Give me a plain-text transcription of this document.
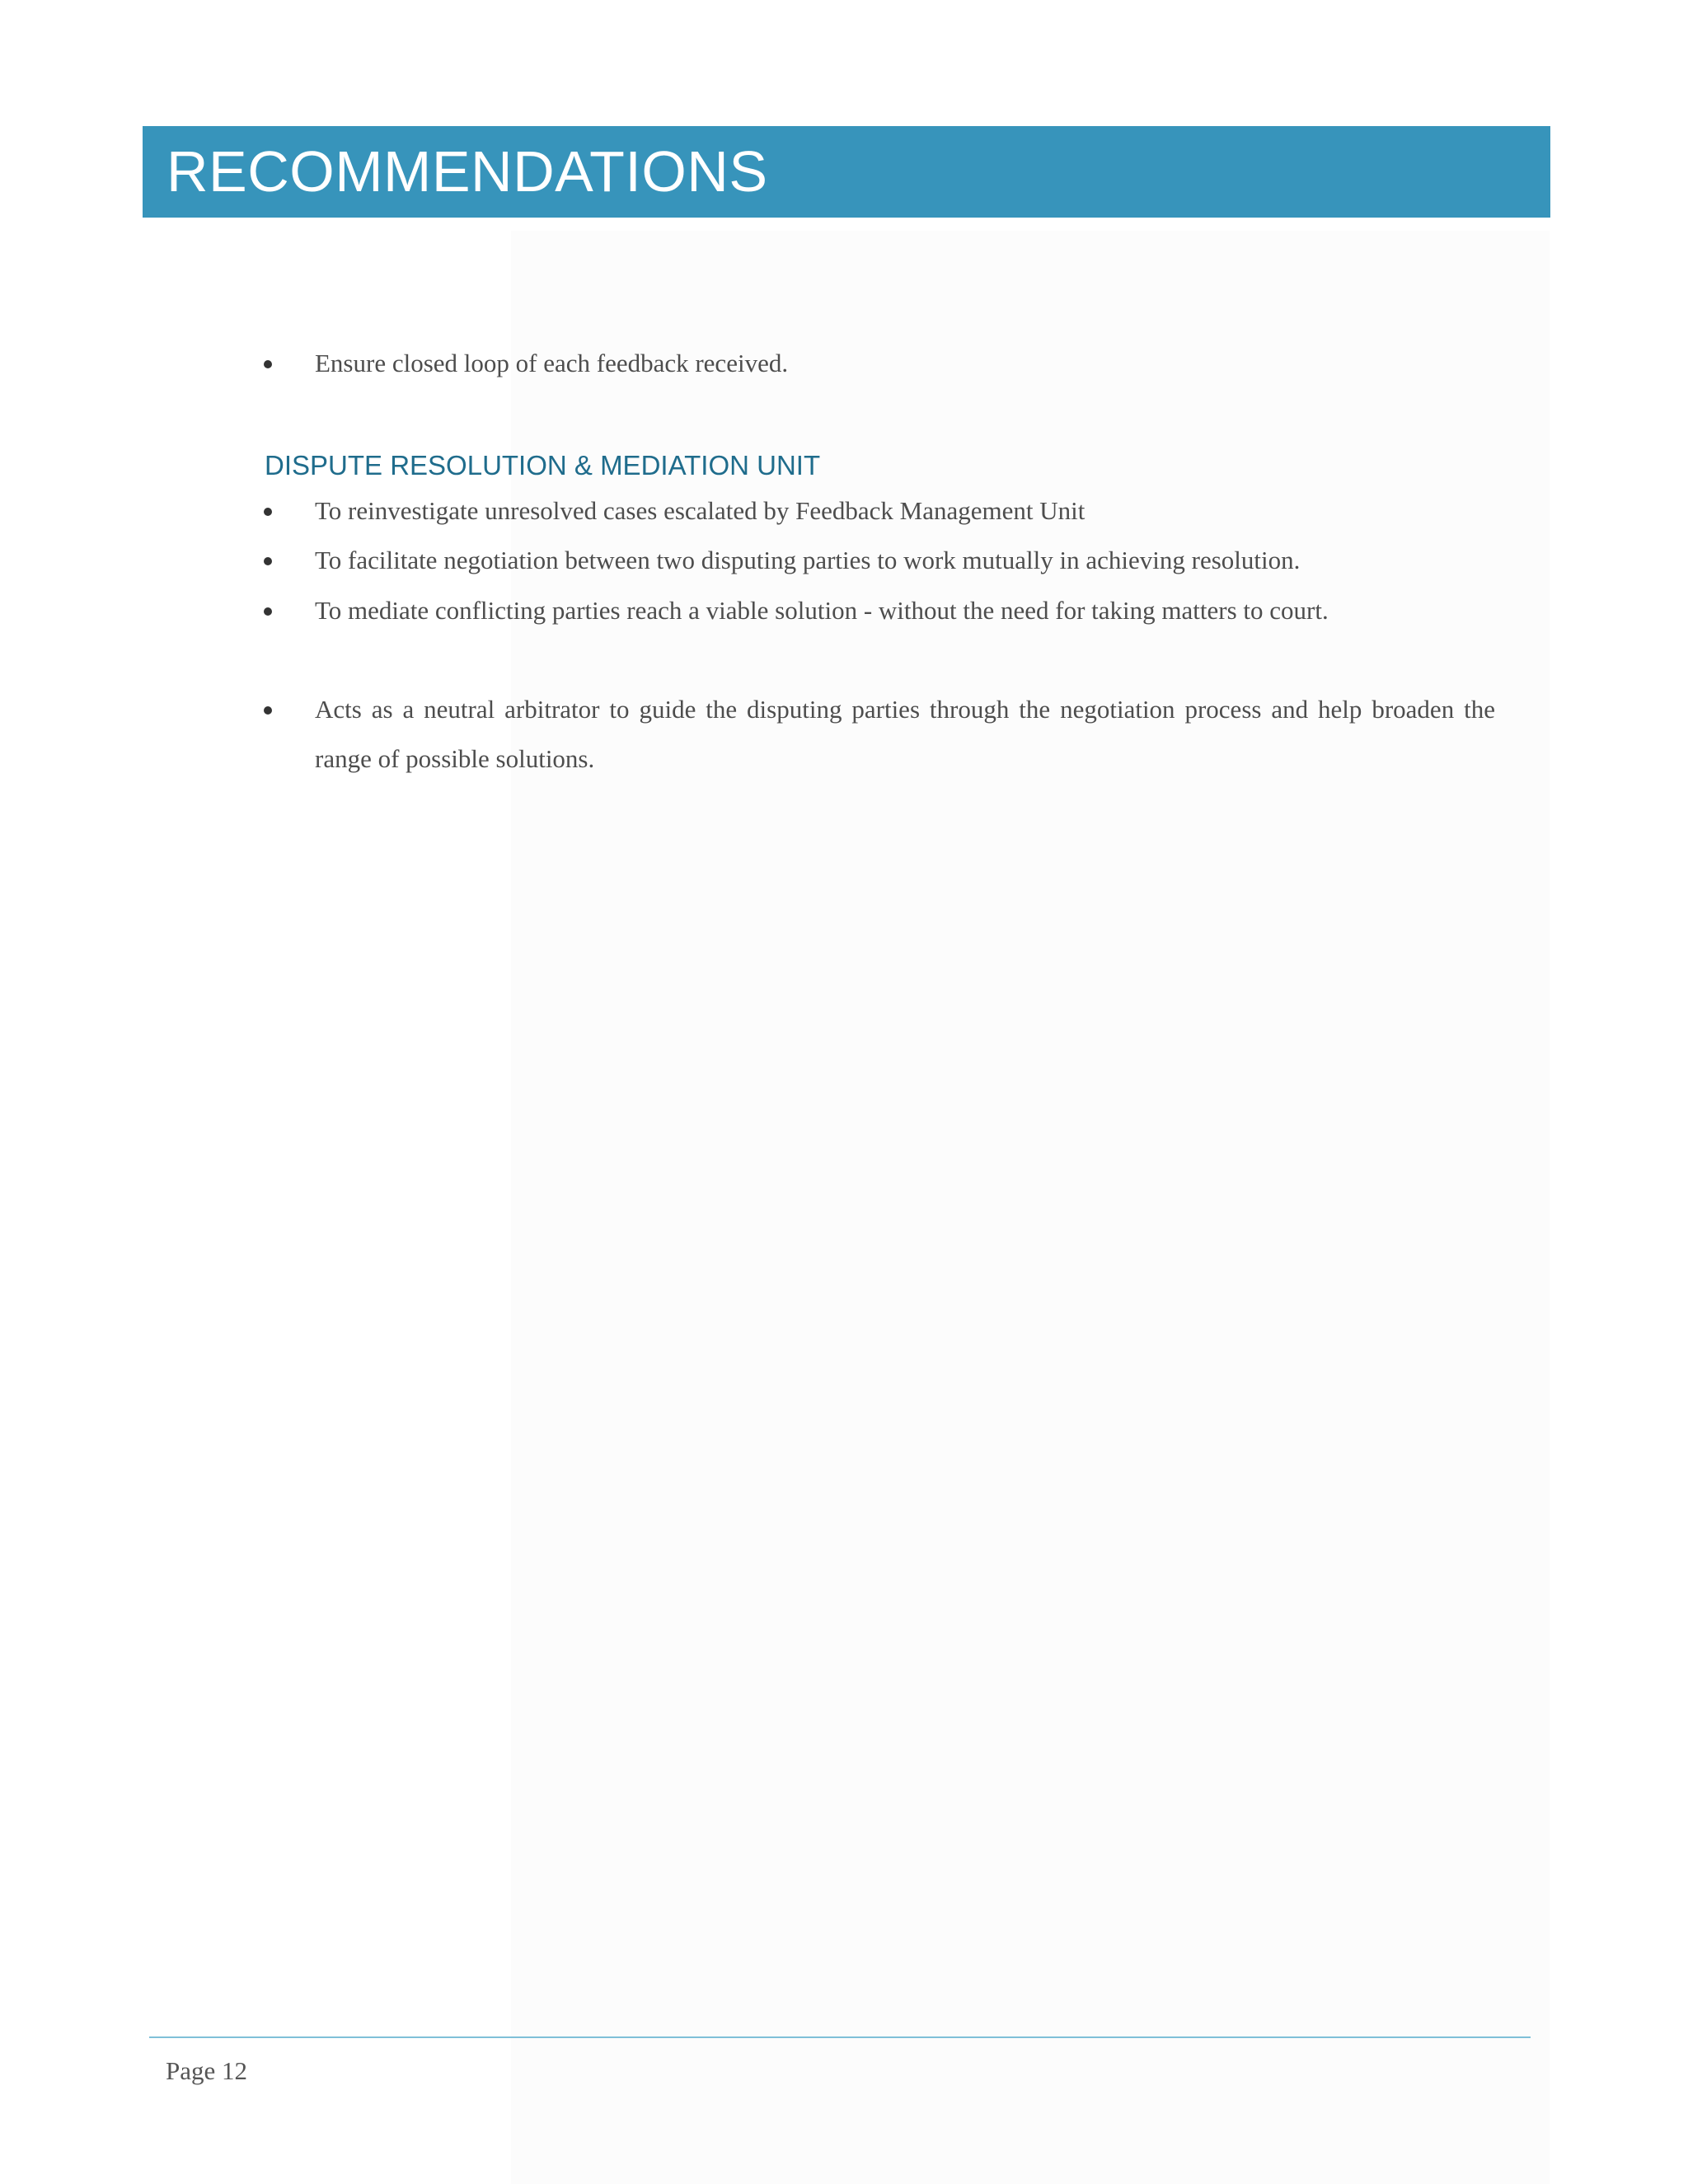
RECOMMENDATIONS
Ensure closed loop of each feedback received.
DISPUTE RESOLUTION & MEDIATION UNIT
To reinvestigate unresolved cases escalated by Feedback Management Unit
To facilitate negotiation between two disputing parties to work mutually in achieving resolution.
To mediate conflicting parties reach a viable solution - without the need for taking matters to court.
Acts as a neutral arbitrator to guide the disputing parties through the negotiation process and help broaden the range of possible solutions.
Page 12
